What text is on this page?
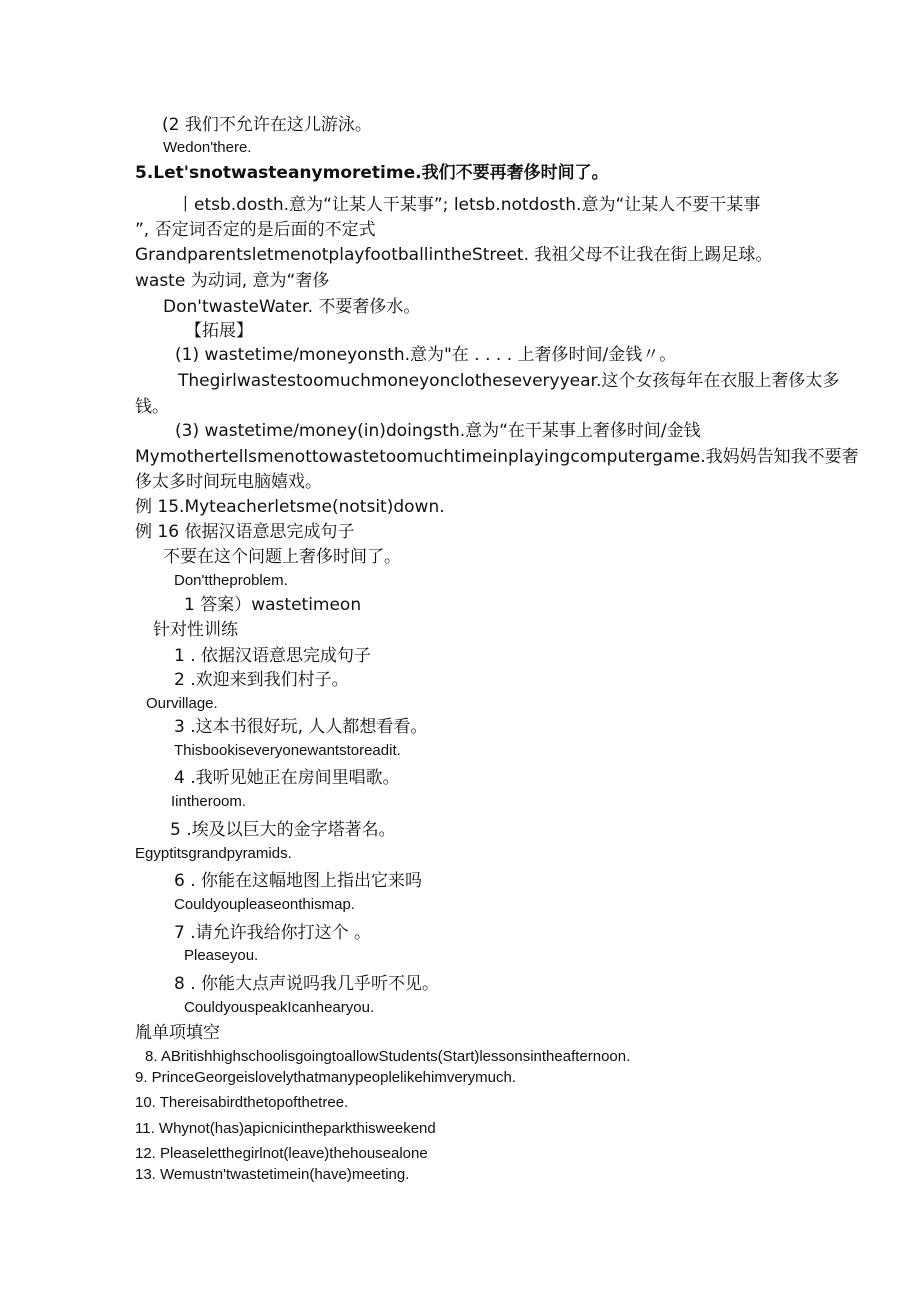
(2 我们不允许在这儿游泳。
Wedon'there.
5.Let'snotwasteanymoretime.我们不要再奢侈时间了。
丨etsb.dosth.意为“让某人干某事”; letsb.notdosth.意为“让某人不要干某事
”, 否定词否定的是后面的不定式
GrandparentsletmenotplayfootballintheStreet. 我祖父母不让我在街上踢足球。
waste 为动词, 意为“奢侈
Don'twasteWater. 不要奢侈水。
【拓展】
(1) wastetime/moneyonsth.意为"在 . . . . 上奢侈时间/金钱〃。
Thegirlwastestoomuchmoneyonclotheseveryyear.这个女孩每年在衣服上奢侈太多
钱。
(3) wastetime/money(in)doingsth.意为“在干某事上奢侈时间/金钱
Mymothertellsmenottowastetoomuchtimeinplayingcomputergame.我妈妈告知我不要奢
侈太多时间玩电脑嬉戏。
例 15.Myteacherletsme(notsit)down.
例 16 依据汉语意思完成句子
不要在这个问题上奢侈时间了。
Don'ttheproblem.
1 答案）wastetimeon
针对性训练
1 . 依据汉语意思完成句子
2 .欢迎来到我们村子。
Ourvillage.
3 .这本书很好玩, 人人都想看看。
Thisbookiseveryonewantstoreadit.
4 .我听见她正在房间里唱歌。
Iintheroom.
5 .埃及以巨大的金字塔著名。
Egyptitsgrandpyramids.
6 . 你能在这幅地图上指出它来吗
Couldyoupleaseonthismap.
7 .请允许我给你打这个 。
Pleaseyou.
8 . 你能大点声说吗我几乎听不见。
CouldyouspeakIcanhearyou.
胤单项填空
8. ABritishhighschoolisgoingtoallowStudents(Start)lessonsintheafternoon.
9. PrinceGeorgeislovelythatmanypeoplelikehimverymuch.
10. Thereisabirdthetopofthetree.
11. Whynot(has)apicnicintheparkthisweekend
12. Pleaseletthegirlnot(leave)thehousealone
13. Wemustn'twastetimein(have)meeting.
